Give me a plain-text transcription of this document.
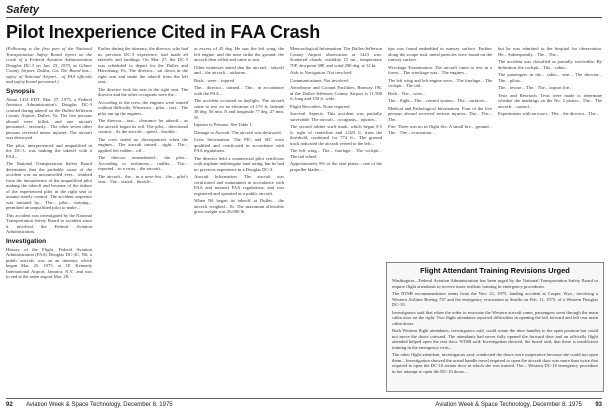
Safety
Pilot Inexperience Cited in FAA Crash

(Following is the first part of the National Transportation Safety Board report on the crash of a Federal Aviation Administration Douglas DC-3 on Jan. 25, 1975, at Gilmer County Airport, Dallas, Ga. The Board has... safety of National Airport... of FAA officials and safety board personnel.)

Synopsis

About 1431 EDT, Mar. 27, 1975, a Federal Aviation Administration's Douglas DC-3 crashed during takeoff on the Dulles-Jefferson County Airport, Dulles, Va. The five persons aboard were killed, and one aircraft personnel... seriously... The other seven other persons received minor injuries. The aircraft was destroyed.

The pilot, inexperienced and unqualified in the DC-3, was making the takeoff with a FAA...

The National Transportation Safety Board determines that the probable cause of the accident was an uncontrolled veer... resulted from the inexperience of the unqualified pilot making the takeoff and because of the failure of the experienced pilot in the right seat to assume timely control. The accident sequence was initiated by... The... pilot... training... permitted an unqualified pilot to make...

This accident was investigated by the National Transportation Safety Board to accident since it involved the Federal Aviation Administration.

Investigation

History of the Flight. Federal Aviation Administration (FAA) Douglas DC-3C, N6, a public aircraft, was on an itinerary which began Mar. 25, 1975, at J.F. Kennedy International Airport, Jamaica, N.Y., and was to end at the same airport Mar. 28.

Earlier during the itinerary, the director, who had no previous DC-3 experience, had made all takeoffs and landings. On Mar. 27, the DC-3 was scheduled to depart for the Dulles and Harrisburg, Pa. The director... sat down in the right seat and made the takeoff from the left seat...

The director took his seat in the right seat. The director and the other occupants were the...

According to the crew, the engines were started without difficulty. Witnesses... pilot... taxi... The pilot ran up the engines...

The director... taxi... clearance for takeoff... as the aircraft began its roll. The pilot... directional control... As the aircraft... speed... throttle...

The crew noted no discrepancies when the engines... The aircraft turned... right... The... applied left rudder... off...

The director remembered... the pilot... According to testimony... rudder... The... reported... to a cross... the aircraft...

The aircraft... the... in a nose-low... the... pilot's seat... The... stated... throttle...

in excess of 45 deg. He saw the left wing, the left engine, and the nose strike the ground; the aircraft then rolled and came to rest.

Other witnesses stated that the aircraft... takeoff and... the aircraft... airborne...

Both... were... injured.

The... director... trained... The... in accordance with the FAA...

The accident occurred in daylight. The aircraft came to rest on an elevation of 170 ft; latitude 38 deg. 56 min. N and longitude 77 deg. 27 min. W.

Injuries to Persons. See Table 1.

Damage to Aircraft. The aircraft was destroyed.

Crew Information. The PIC and SIC were qualified and certificated in accordance with FAA regulations.

The director held a commercial pilot certificate with airplane multiengine land rating, but he had no previous experience in a Douglas DC-3.

Aircraft Information. The aircraft was certificated and maintained in accordance with FAA and internal FAA regulations, and was registered and operated as a public aircraft.

When N6 began its takeoff at Dulles... the aircraft weighed... lb. The maximum allowable gross weight was 26,000 lb.

Meteorological Information. The Dulles-Jefferson County Airport observation at 1423 was: Scattered clouds, visibility 15 mi., temperature 70F, dewpoint 38F, and wind 290 deg. at 12 kt.

Aids to Navigation. Not involved.

Communications. Not involved.

Aerodrome and Ground Facilities. Runway 19L at the Dulles-Jefferson County Airport is 11,500 ft. long and 150 ft. wide.

Flight Recorders. None required.

Survival Aspects. This accident was partially survivable. The aircraft... occupants... injuries...

The second rubber scuff mark, which began 8.5 ft. right of centerline and 1,025 ft. from the threshold, continued for 774 ft... The ground track indicated the aircraft veered to the left...

The left wing... The... fuselage... The cockpit... The tail wheel...

Approximately 9% of the skin plates... one of the propeller blades...

tips was found embedded in runway surface. Further along the scrape trail, metal particles were found on the runway surface.

Wreckage Examination. The aircraft came to rest in a forest... The wreckage was... The engines...

The left wing and left engine were... The fuselage... The cockpit... The tail...

Both... The... were...

The... flight... The... control system... The... surfaces...

Medical and Pathological Information. Four of the five persons aboard received serious injuries. The... The... The...

Fire. There was no in-flight fire. A small fire... ground... The... The... evacuation...

but he was admitted to the hospital for observation. He... Subsequently... The... The...

The accident was classified as partially survivable. By definition, the cockpit... The... cabin...

The passengers in the... cabin... seat... The director... The... pilots...

The... rescue... The... The... airport fire...

Tests and Research. Tests were made to determine whether the markings on the No. 2 piston... The... The aircraft... control...

Experiments with an exact... The... the director... The...

Flight Attendant Training Revisions Urged

Washington—Federal Aviation Administration has been urged by the National Transportation Safety Board to require flight attendants to receive more realistic training in emergency procedures.

The NTSB recommendation stems from the Nov. 21, 1975, landing accident at Casper, Wyo., involving a Western Airlines Boeing 737 and the emergency evacuation at Seattle on Feb. 11, 1975, of a Western Douglas DC-10.

Investigators said that when the order to evacuate the Western aircraft came, passengers went through the main cabin door on the right. Two flight attendants reported difficulties in opening the left forward and left rear main cabin doors.

Both Western flight attendants, investigators said, could rotate the door handles to the open position but could not move the doors outward. The attendants had never fully opened the forward door and an officially flight attended helped open the rear door. NTSB said: Investigation showed, the board said, that there is insufficient training in the emergency exits...

The other flight attendant, investigators said, conducted the doors were inoperative because she could not open them... Investigation showed the actual handle travel required to open the aircraft door was more than twice that required to open the DC-10 trainer door in which she was trained. The... Western DC-10 emergency procedure in her attempt to open the DC-10 doors...

92 Aviation Week & Space Technology, December 8, 1975	Aviation Week & Space Technology, December 8, 1975 93
